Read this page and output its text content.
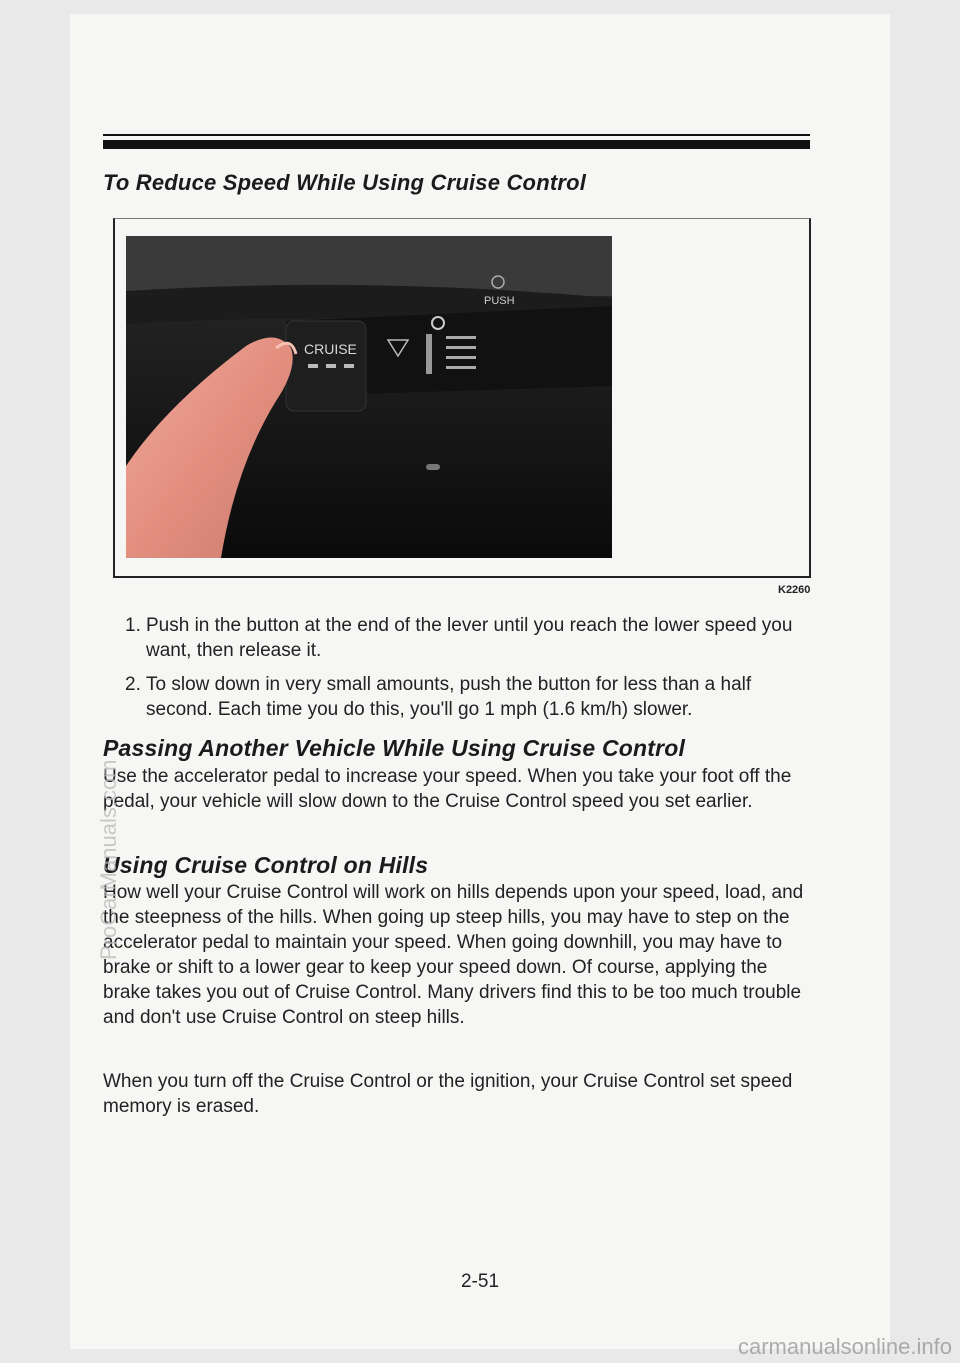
To Reduce Speed While Using Cruise Control
CRUISE
PUSH
K2260
1. Push in the button at the end of the lever until you reach the lower speed you want, then release it.
2. To slow down in very small amounts, push the button for less than a half second. Each time you do this, you'll go 1 mph (1.6 km/h) slower.
Passing Another Vehicle While Using Cruise Control

Use the accelerator pedal to increase your speed. When you take your foot off the pedal, your vehicle will slow down to the Cruise Control speed you set earlier.

Using Cruise Control on Hills

How well your Cruise Control will work on hills depends upon your speed, load, and the steepness of the hills. When going up steep hills, you may have to step on the accelerator pedal to maintain your speed. When going downhill, you may have to brake or shift to a lower gear to keep your speed down. Of course, applying the brake takes you out of Cruise Control. Many drivers find this to be too much trouble and don't use Cruise Control on steep hills.

When you turn off the Cruise Control or the ignition, your Cruise Control set speed memory is erased.

2-51
ProCarManuals.com
carmanualsonline.info
